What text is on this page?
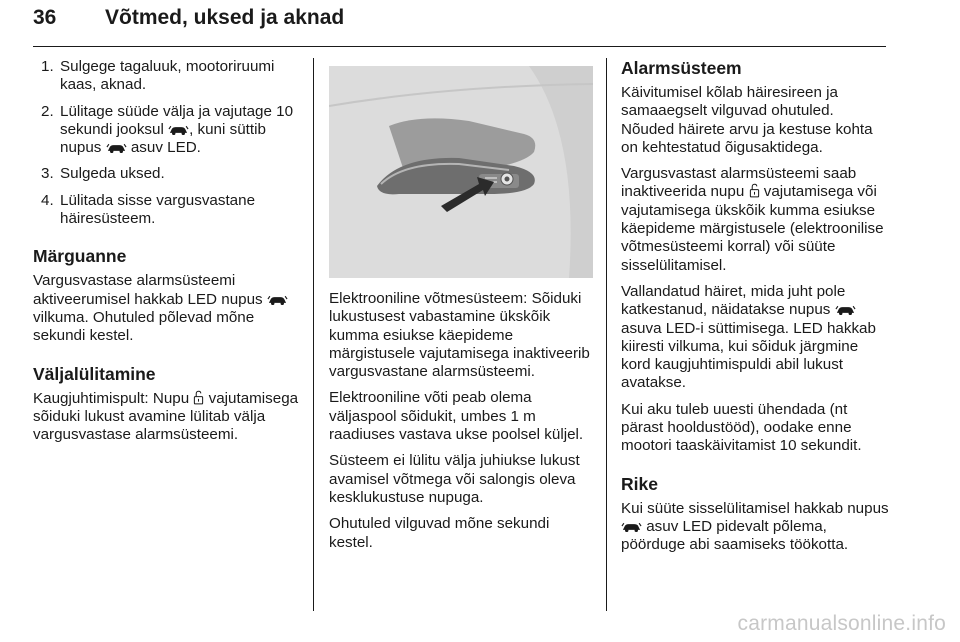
36 Võtmed, uksed ja aknad
1. Sulgege tagaluuk, mootoriruumi kaas, aknad.
2. Lülitage süüde välja ja vajutage 10 sekundi jooksul , kuni süttib nupus  asuv LED.
3. Sulgeda uksed.
4. Lülitada sisse vargusvastane häiresüsteem.
Märguanne

Vargusvastase alarmsüsteemi aktiveerumisel hakkab LED nupus  vilkuma. Ohutuled põlevad mõne sekundi kestel.

Väljalülitamine

Kaugjuhtimispult: Nupu  vajutamisega sõiduki lukust avamine lülitab välja vargusvastase alarmsüsteemi.

Elektrooniline võtmesüsteem: Sõiduki lukustusest vabastamine ükskõik kumma esiukse käepideme märgistusele vajutamisega inaktiveerib vargusvastane alarmsüsteemi.

Elektrooniline võti peab olema väljaspool sõidukit, umbes 1 m raadiuses vastava ukse poolsel küljel.

Süsteem ei lülitu välja juhiukse lukust avamisel võtmega või salongis oleva kesklukustuse nupuga.

Ohutuled vilguvad mõne sekundi kestel.

Alarmsüsteem

Käivitumisel kõlab häiresireen ja samaaegselt vilguvad ohutuled. Nõuded häirete arvu ja kestuse kohta on kehtestatud õigusaktidega.

Vargusvastast alarmsüsteemi saab inaktiveerida nupu  vajutamisega või vajutamisega ükskõik kumma esiukse käepideme märgistusele (elektroonilise võtmesüsteemi korral) või süüte sisselülitamisel.

Vallandatud häiret, mida juht pole katkestanud, näidatakse nupus  asuva LED-i süttimisega. LED hakkab kiiresti vilkuma, kui sõiduk järgmine kord kaugjuhtimispuldi abil lukust avatakse.

Kui aku tuleb uuesti ühendada (nt pärast hooldustööd), oodake enne mootori taaskäivitamist 10 sekundit.

Rike

Kui süüte sisselülitamisel hakkab nupus  asuv LED pidevalt põlema, pöörduge abi saamiseks töökotta.

carmanualsonline.info
